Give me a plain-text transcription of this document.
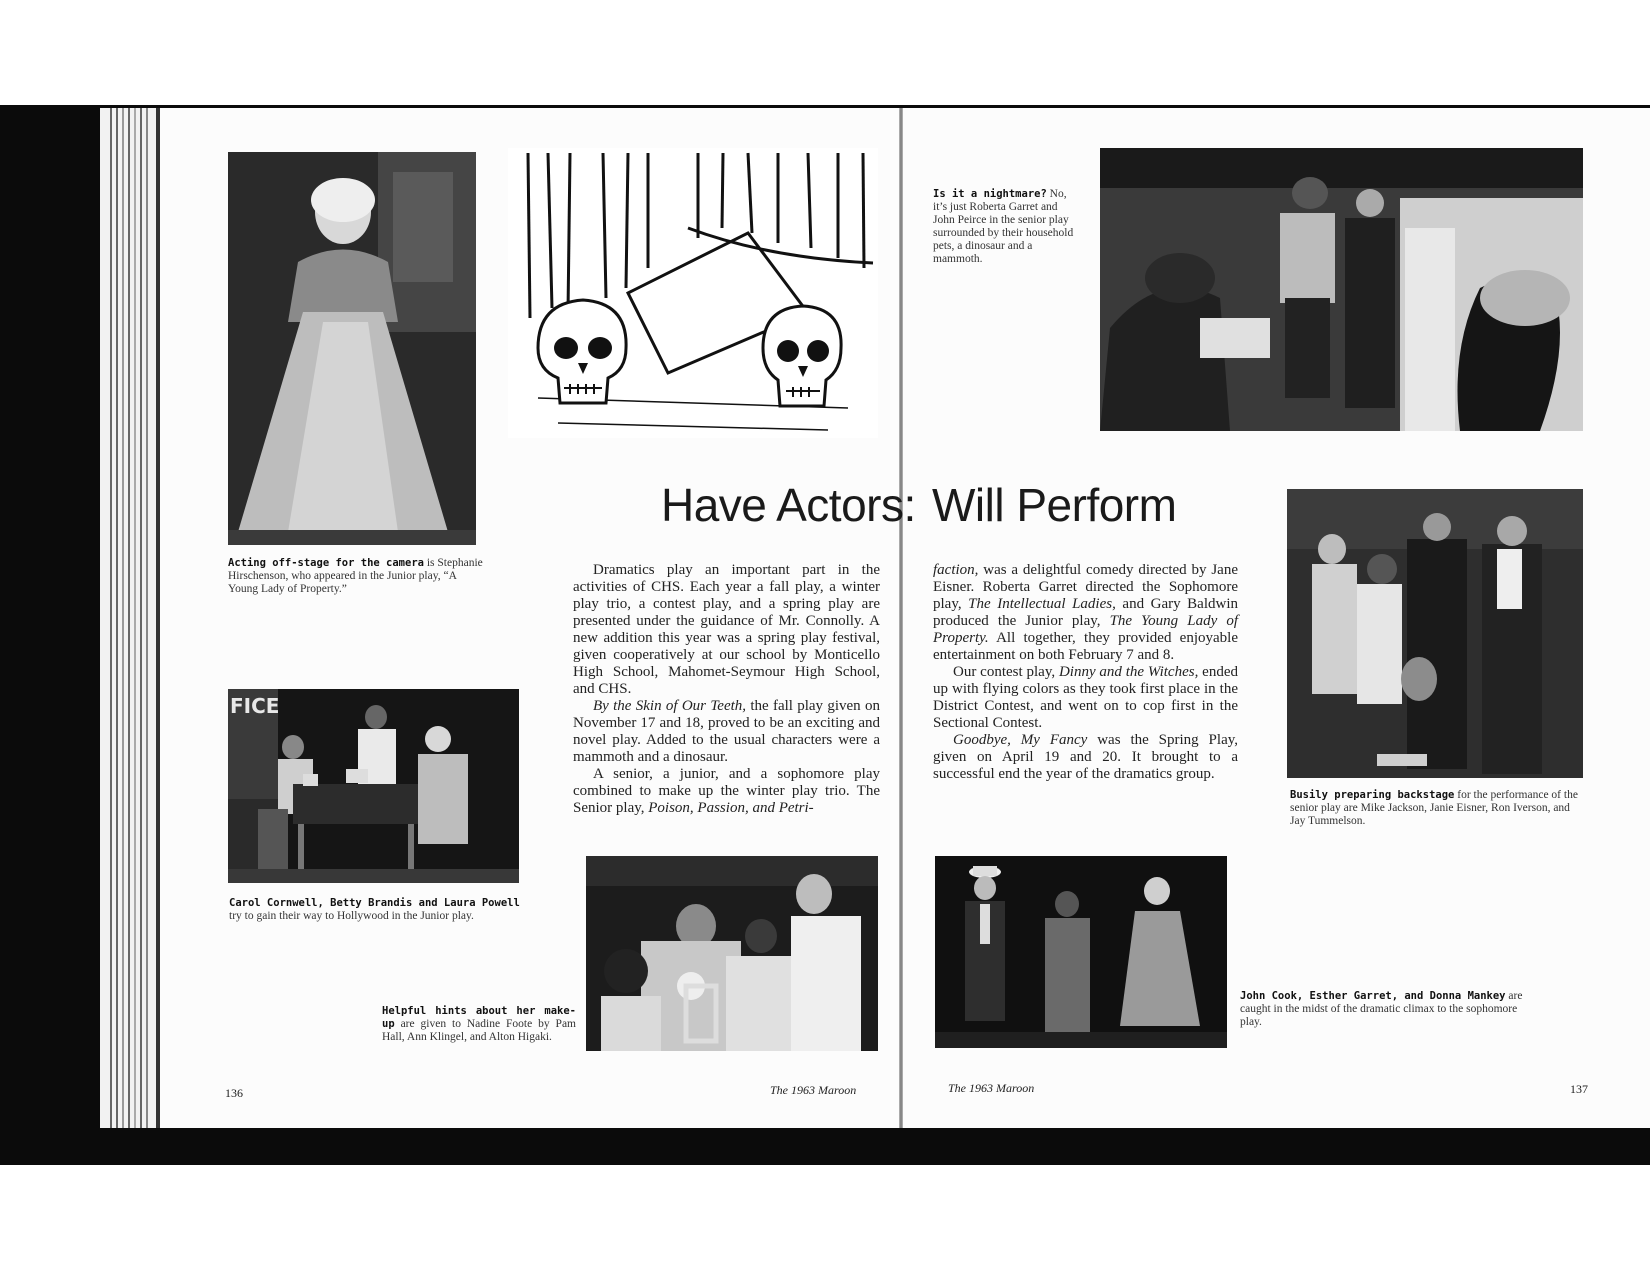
Acting off-stage for the camera is Stephanie Hirschenson, who appeared in the Junior play, “A Young Lady of Property.”
Is it a nightmare? No, it’s just Roberta Garret and John Peirce in the senior play surrounded by their household pets, a dinosaur and a mammoth.
Have Actors: Will Perform
Busily preparing backstage for the performance of the senior play are Mike Jackson, Janie Eisner, Ron Iverson, and Jay Tummelson.
FICE
Carol Cornwell, Betty Brandis and Laura Powell try to gain their way to Hollywood in the Junior play.

Dramatics play an important part in the activities of CHS. Each year a fall play, a winter play trio, a contest play, and a spring play are presented under the guidance of Mr. Connolly. A new addition this year was a spring play festival, given cooperatively at our school by Monticello High School, Mahomet-Seymour High School, and CHS.

By the Skin of Our Teeth, the fall play given on November 17 and 18, proved to be an exciting and novel play. Added to the usual characters were a mammoth and a dinosaur.

A senior, a junior, and a sophomore play combined to make up the winter play trio. The Senior play, Poison, Passion, and Petri-

faction, was a delightful comedy directed by Jane Eisner. Roberta Garret directed the Sophomore play, The Intellectual Ladies, and Gary Baldwin produced the Junior play, The Young Lady of Property. All together, they provided enjoyable entertainment on both February 7 and 8.

Our contest play, Dinny and the Witches, ended up with flying colors as they took first place in the District Contest, and went on to cop first in the Sectional Contest.

Goodbye, My Fancy was the Spring Play, given on April 19 and 20. It brought to a successful end the year of the dramatics group.

Helpful hints about her make-up are given to Nadine Foote by Pam Hall, Ann Klingel, and Alton Higaki.
John Cook, Esther Garret, and Donna Mankey are caught in the midst of the dramatic climax to the sophomore play.
136	The 1963 Maroon	The 1963 Maroon	137
